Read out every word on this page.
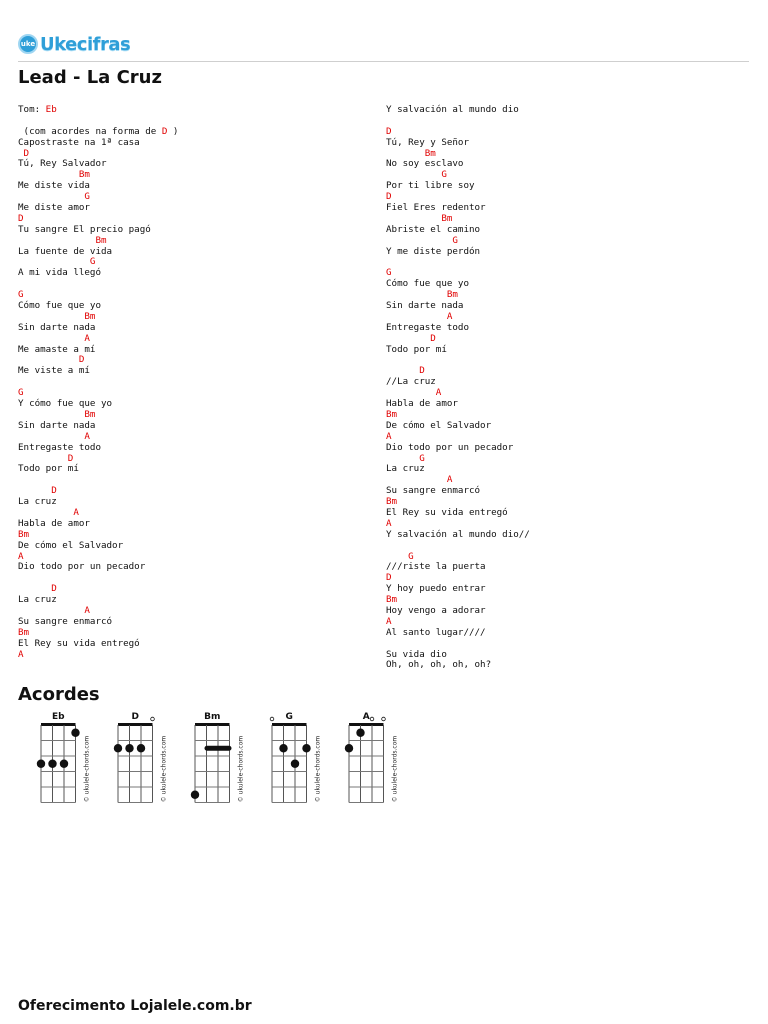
uke Ukecifras
Lead - La Cruz
Tom: Eb
(com acordes na forma de D )
Capostraste na 1ª casa
D
Tú, Rey Salvador
Bm
Me diste vida
G
Me diste amor
D
Tu sangre El precio pagó
Bm
La fuente de vida
G
A mi vida llegó
G
Cómo fue que yo
Bm
Sin darte nada
A
Me amaste a mí
D
Me viste a mí
G
Y cómo fue que yo
Bm
Sin darte nada
A
Entregaste todo
D
Todo por mí
D
La cruz
A
Habla de amor
Bm
De cómo el Salvador
A
Dio todo por un pecador
D
La cruz
A
Su sangre enmarcó
Bm
El Rey su vida entregó
A
Y salvación al mundo dio
D
Tú, Rey y Señor
Bm
No soy esclavo
G
Por ti libre soy
D
Fiel Eres redentor
Bm
Abriste el camino
G
Y me diste perdón
G
Cómo fue que yo
Bm
Sin darte nada
A
Entregaste todo
D
Todo por mí
D
//La cruz
A
Habla de amor
Bm
De cómo el Salvador
A
Dio todo por un pecador
G
La cruz
A
Su sangre enmarcó
Bm
El Rey su vida entregó
A
Y salvación al mundo dio//
G
///riste la puerta
D
Y hoy puedo entrar
Bm
Hoy vengo a adorar
A
Al santo lugar////
Su vida dio
Oh, oh, oh, oh, oh?
Acordes
Eb
© ukulele-chords.com
D
© ukulele-chords.com
Bm
© ukulele-chords.com
G
© ukulele-chords.com
A
© ukulele-chords.com

Oferecimento Lojalele.com.br
